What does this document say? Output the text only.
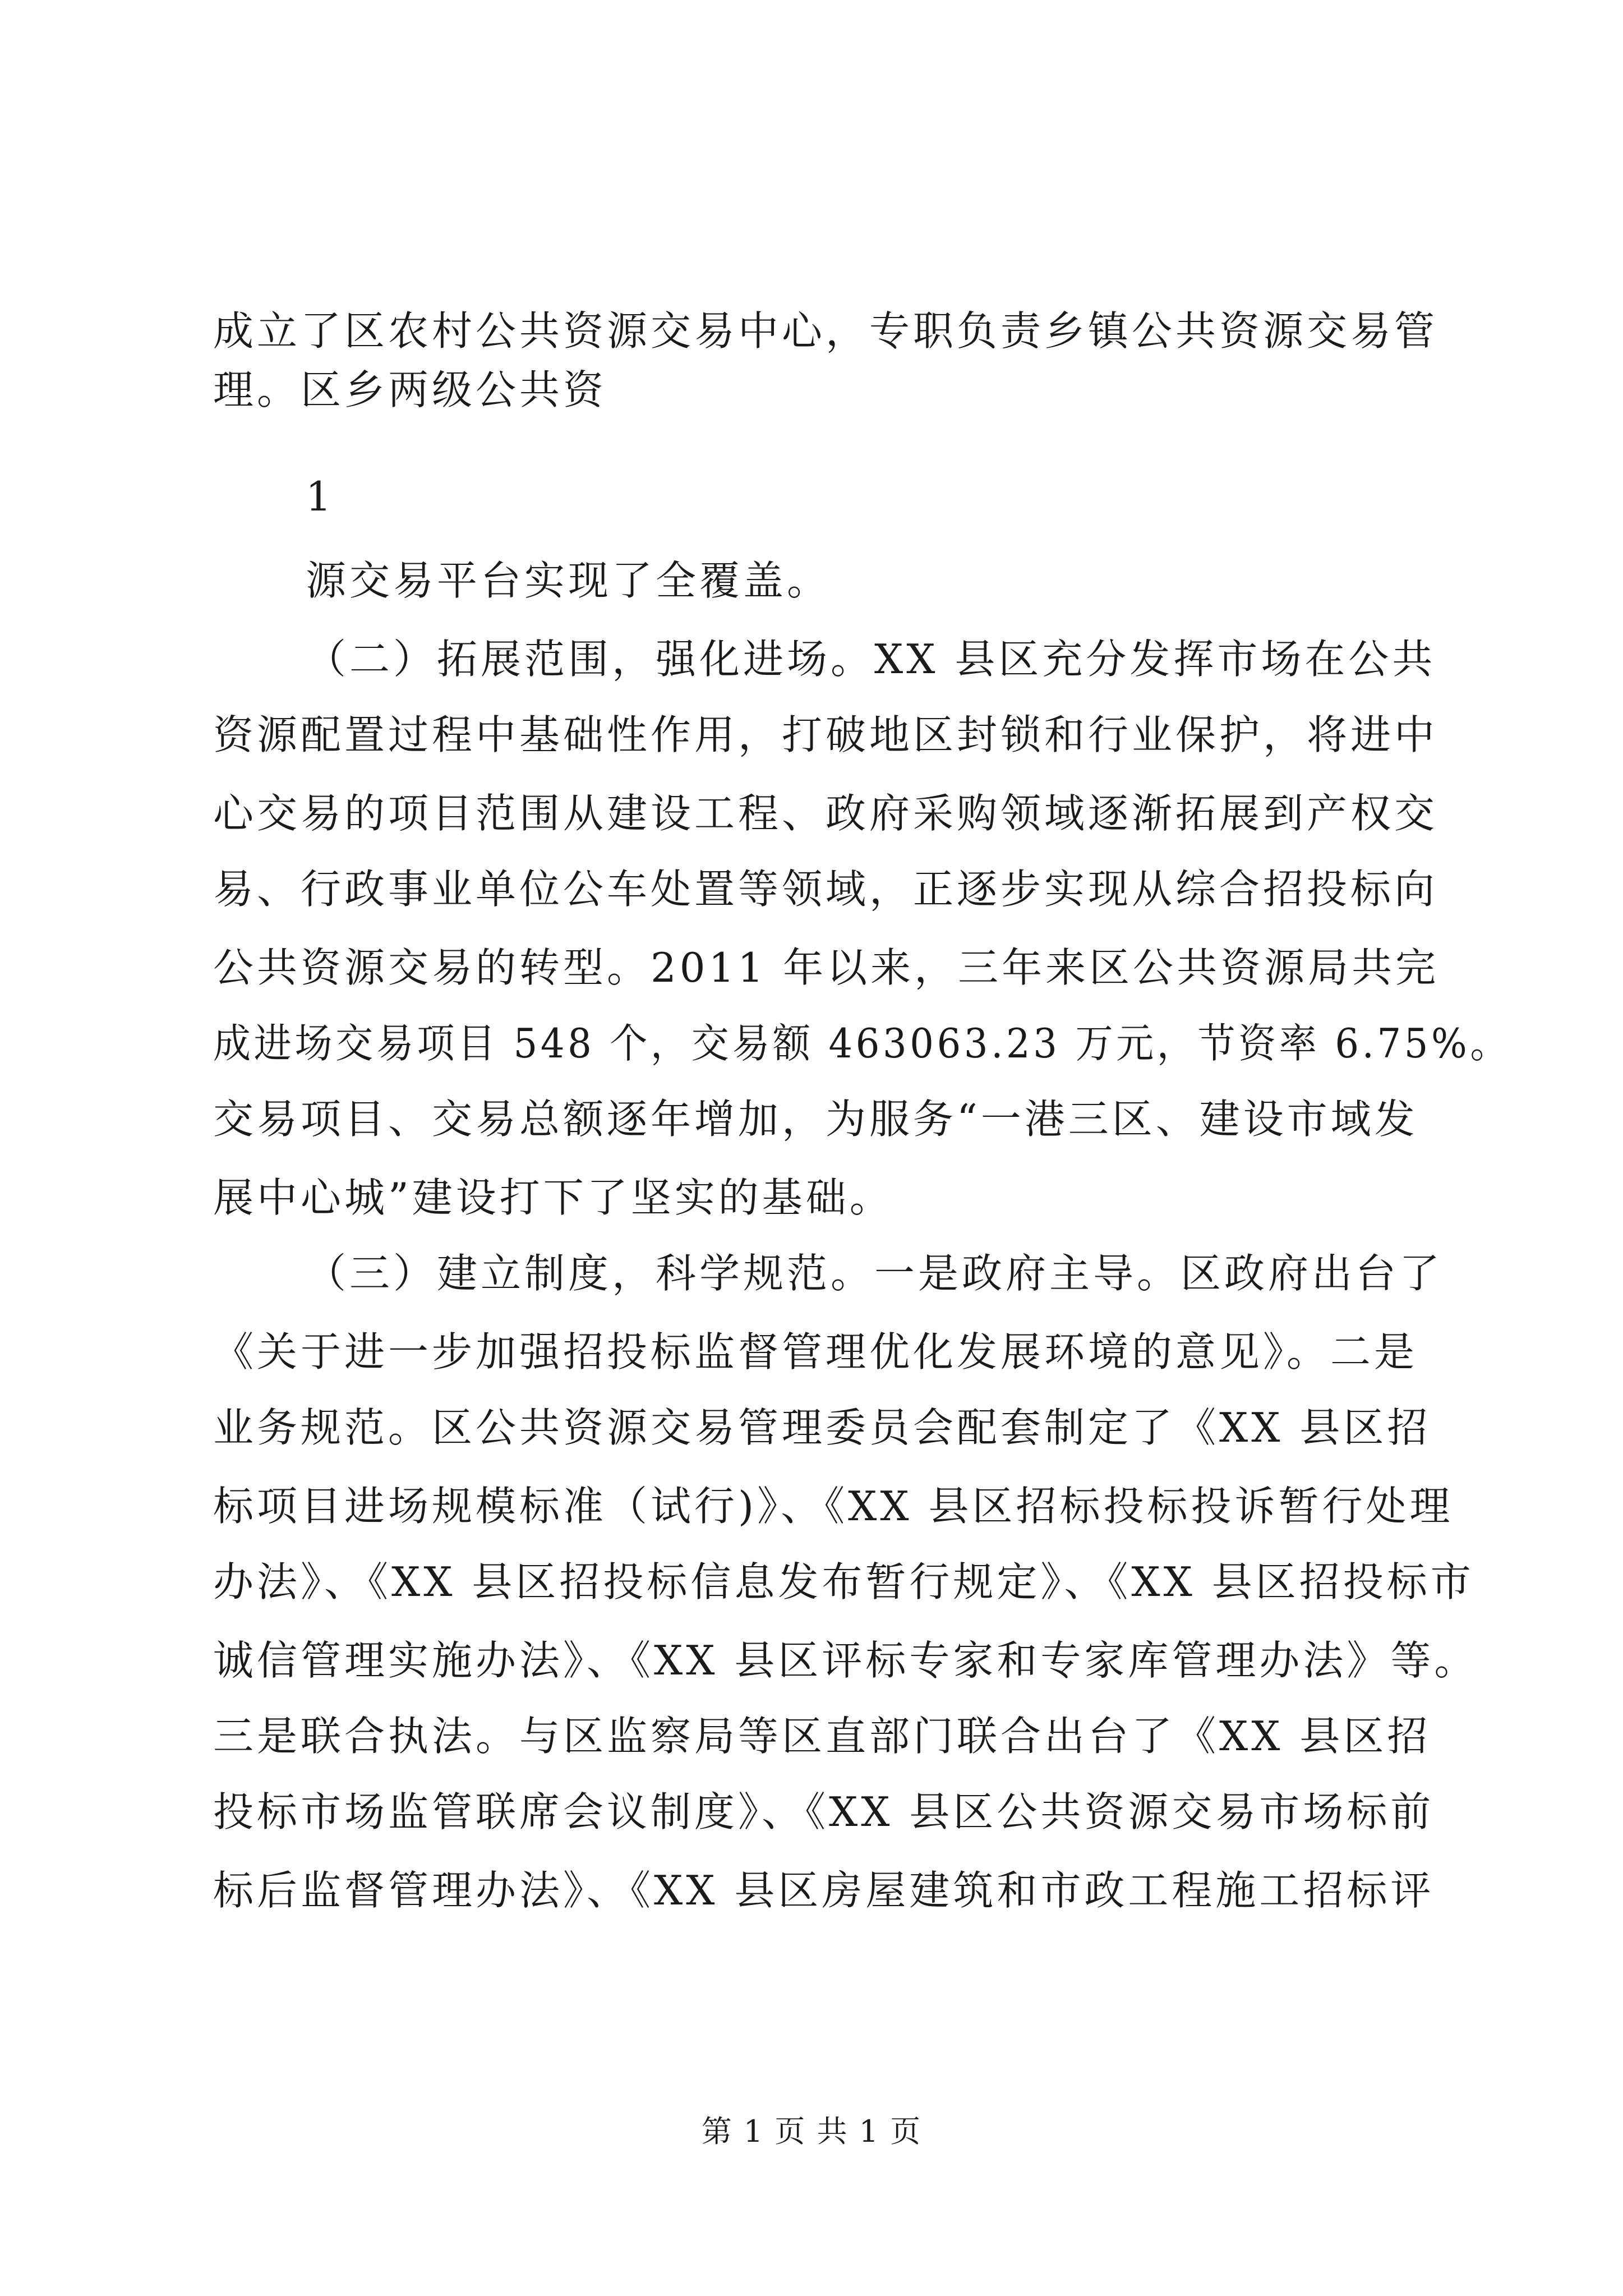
成立了区农村公共资源交易中心，专职负责乡镇公共资源交易管
理。区乡两级公共资
1
源交易平台实现了全覆盖。
（二）拓展范围，强化进场。XX 县区充分发挥市场在公共
资源配置过程中基础性作用，打破地区封锁和行业保护，将进中
心交易的项目范围从建设工程、政府采购领域逐渐拓展到产权交
易、行政事业单位公车处置等领域，正逐步实现从综合招投标向
公共资源交易的转型。2011 年以来，三年来区公共资源局共完
成进场交易项目 548 个，交易额 463063.23 万元，节资率 6.75%。
交易项目、交易总额逐年增加，为服务“一港三区、建设市域发
展中心城”建设打下了坚实的基础。
（三）建立制度，科学规范。一是政府主导。区政府出台了
《关于进一步加强招投标监督管理优化发展环境的意见》。二是
业务规范。区公共资源交易管理委员会配套制定了《XX 县区招
标项目进场规模标准（试行)》、《XX 县区招标投标投诉暂行处理
办法》、《XX 县区招投标信息发布暂行规定》、《XX 县区招投标市
诚信管理实施办法》、《XX 县区评标专家和专家库管理办法》等。
三是联合执法。与区监察局等区直部门联合出台了《XX 县区招
投标市场监管联席会议制度》、《XX 县区公共资源交易市场标前
标后监督管理办法》、《XX 县区房屋建筑和市政工程施工招标评
第 1 页 共 1 页
